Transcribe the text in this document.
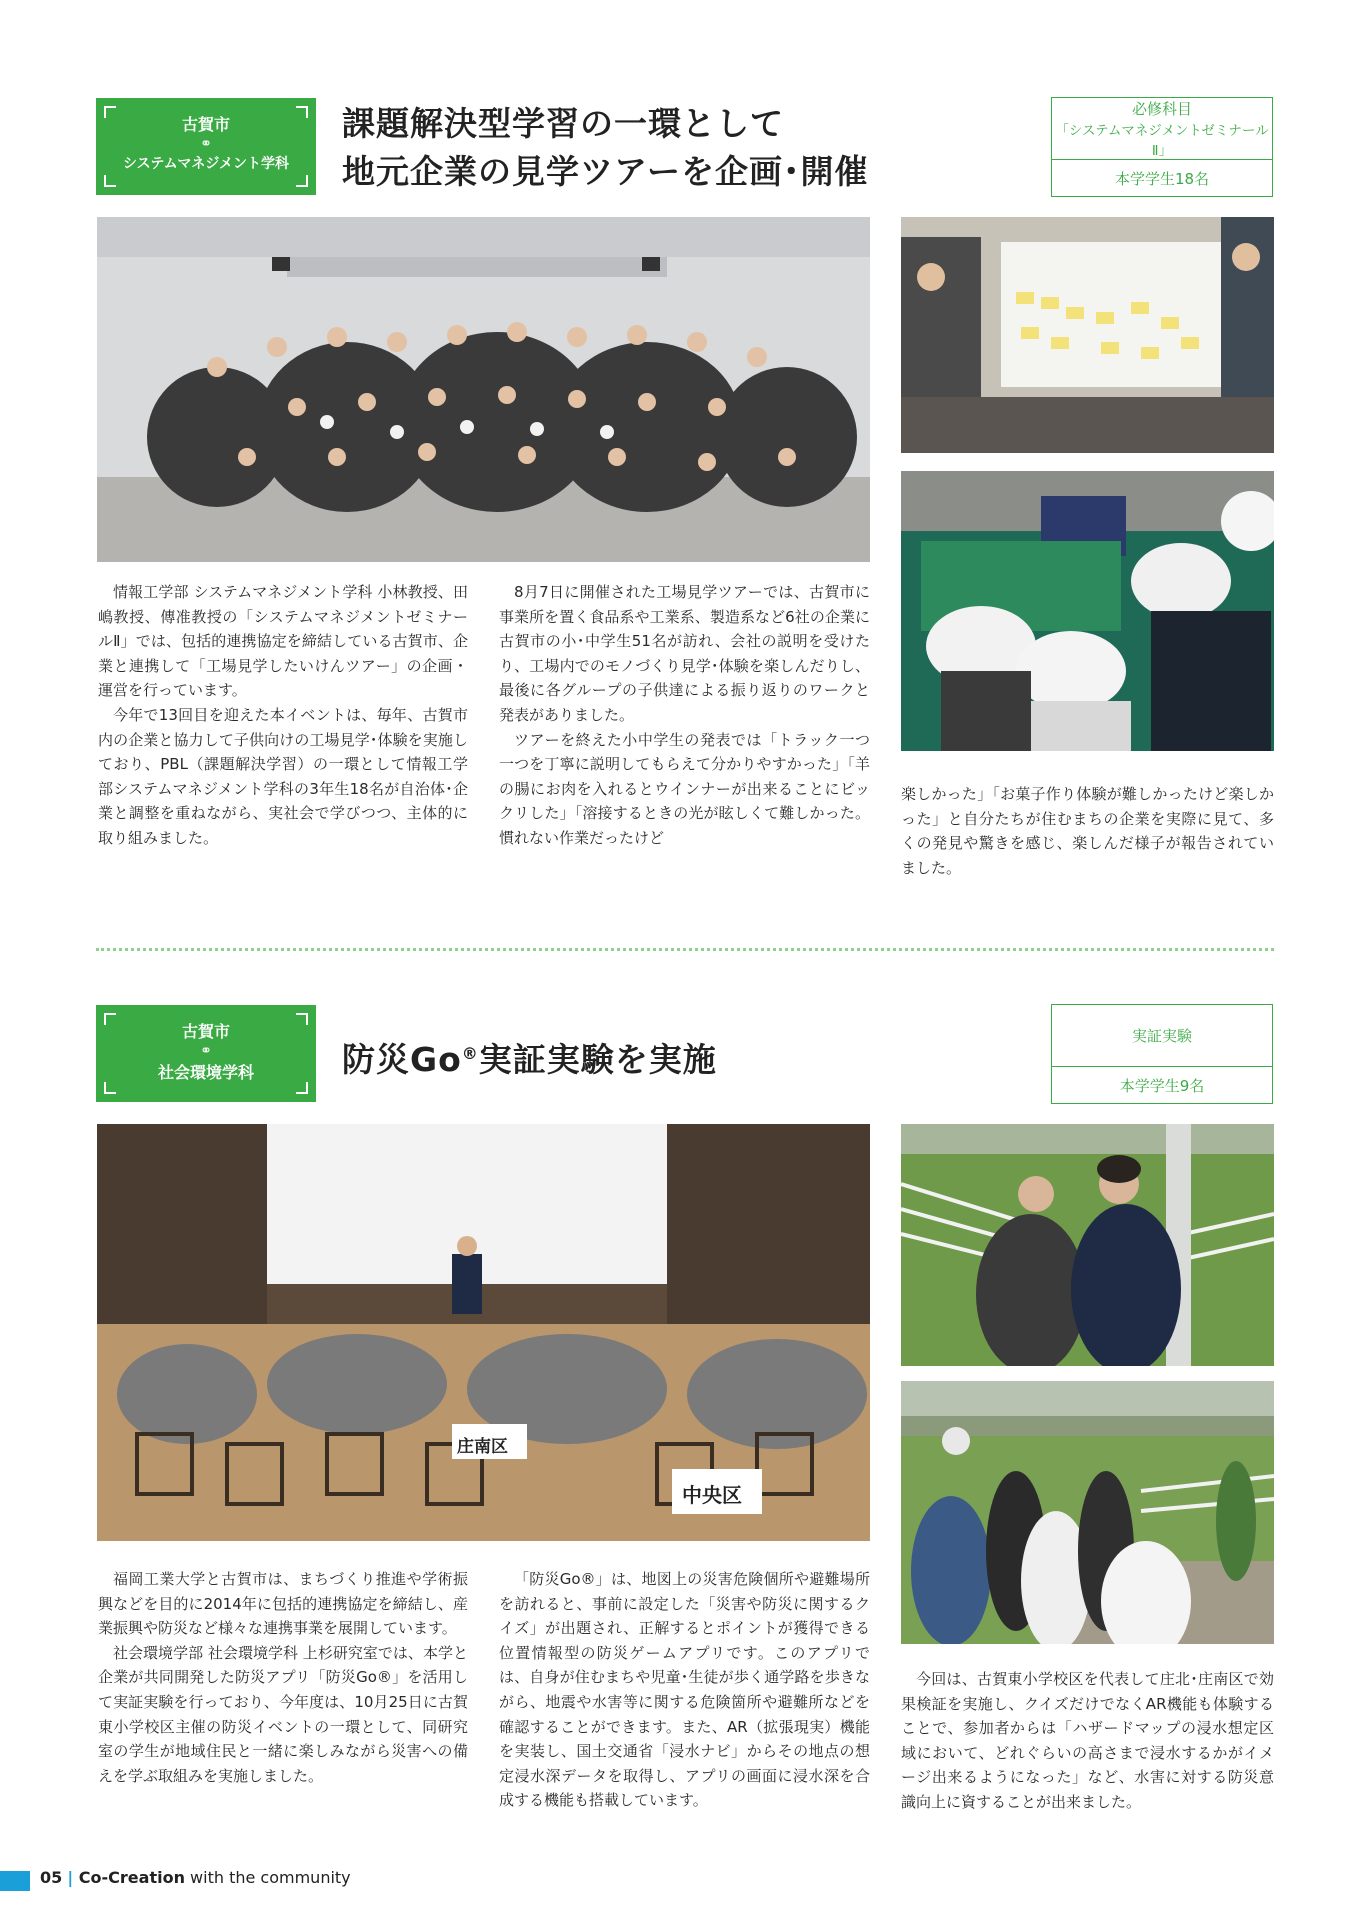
古賀市
⚭
システムマネジメント学科
課題解決型学習の一環として
地元企業の見学ツアーを企画･開催
必修科目
「システムマネジメントゼミナールⅡ」
本学学生18名

情報工学部 システムマネジメント学科 小林教授、田嶋教授、傳准教授の「システムマネジメントゼミナールⅡ」では、包括的連携協定を締結している古賀市、企業と連携して「工場見学したいけんツアー」の企画・運営を行っています。

今年で13回目を迎えた本イベントは、毎年、古賀市内の企業と協力して子供向けの工場見学･体験を実施しており、PBL（課題解決学習）の一環として情報工学部システムマネジメント学科の3年生18名が自治体･企業と調整を重ねながら、実社会で学びつつ、主体的に取り組みました。

8月7日に開催された工場見学ツアーでは、古賀市に事業所を置く食品系や工業系、製造系など6社の企業に古賀市の小･中学生51名が訪れ、会社の説明を受けたり、工場内でのモノづくり見学･体験を楽しんだりし、最後に各グループの子供達による振り返りのワークと発表がありました。

ツアーを終えた小中学生の発表では「トラック一つ一つを丁寧に説明してもらえて分かりやすかった」「羊の腸にお肉を入れるとウインナーが出来ることにビックリした」「溶接するときの光が眩しくて難しかった。慣れない作業だったけど

楽しかった」「お菓子作り体験が難しかったけど楽しかった」と自分たちが住むまちの企業を実際に見て、多くの発見や驚きを感じ、楽しんだ様子が報告されていました。

古賀市
⚭
社会環境学科	防災Go®実証実験を実施
実証実験
本学学生9名
庄南区
中央区

福岡工業大学と古賀市は、まちづくり推進や学術振興などを目的に2014年に包括的連携協定を締結し、産業振興や防災など様々な連携事業を展開しています。

社会環境学部 社会環境学科 上杉研究室では、本学と企業が共同開発した防災アプリ「防災Go®」を活用して実証実験を行っており、今年度は、10月25日に古賀東小学校区主催の防災イベントの一環として、同研究室の学生が地域住民と一緒に楽しみながら災害への備えを学ぶ取組みを実施しました。

「防災Go®」は、地図上の災害危険個所や避難場所を訪れると、事前に設定した「災害や防災に関するクイズ」が出題され、正解するとポイントが獲得できる位置情報型の防災ゲームアプリです。このアプリでは、自身が住むまちや児童･生徒が歩く通学路を歩きながら、地震や水害等に関する危険箇所や避難所などを確認することができます。また、AR（拡張現実）機能を実装し、国土交通省「浸水ナビ」からその地点の想定浸水深データを取得し、アプリの画面に浸水深を合成する機能も搭載しています。

今回は、古賀東小学校区を代表して庄北･庄南区で効果検証を実施し、クイズだけでなくAR機能も体験することで、参加者からは「ハザードマップの浸水想定区域において、どれぐらいの高さまで浸水するかがイメージ出来るようになった」など、水害に対する防災意識向上に資することが出来ました。

05 | Co-Creation with the community
